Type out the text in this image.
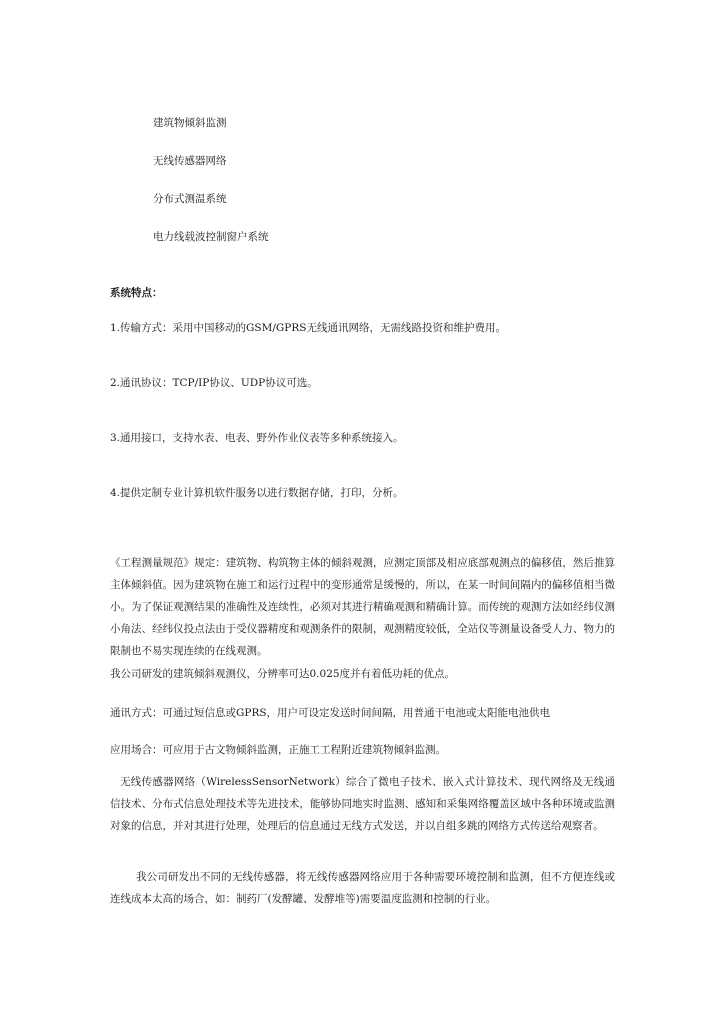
建筑物倾斜监测
无线传感器网络
分布式测温系统
电力线载波控制窗户系统
系统特点：
1.传输方式：采用中国移动的GSM/GPRS无线通讯网络，无需线路投资和维护费用。
2.通讯协议：TCP/IP协议、UDP协议可选。
3.通用接口，支持水表、电表、野外作业仪表等多种系统接入。
4.提供定制专业计算机软件服务以进行数据存储，打印，分析。
《工程测量规范》规定：建筑物、构筑物主体的倾斜观测，应测定顶部及相应底部观测点的偏移值，然后推算主体倾斜值。因为建筑物在施工和运行过程中的变形通常是缓慢的，所以，在某一时间间隔内的偏移值相当微小。为了保证观测结果的准确性及连续性，必须对其进行精确观测和精确计算。而传统的观测方法如经纬仪测小角法、经纬仪投点法由于受仪器精度和观测条件的限制，观测精度较低，全站仪等测量设备受人力、物力的限制也不易实现连续的在线观测。
我公司研发的建筑倾斜观测仪，分辨率可达0.025度并有着低功耗的优点。
通讯方式：可通过短信息或GPRS，用户可设定发送时间间隔，用普通干电池或太阳能电池供电
应用场合：可应用于古文物倾斜监测，正施工工程附近建筑物倾斜监测。
无线传感器网络（WirelessSensorNetwork）综合了微电子技术、嵌入式计算技术、现代网络及无线通信技术、分布式信息处理技术等先进技术，能够协同地实时监测、感知和采集网络覆盖区域中各种环境或监测对象的信息，并对其进行处理，处理后的信息通过无线方式发送，并以自组多跳的网络方式传送给观察者。
我公司研发出不同的无线传感器，将无线传感器网络应用于各种需要环境控制和监测，但不方便连线或连线成本太高的场合，如：制药厂(发酵罐、发酵堆等)需要温度监测和控制的行业。
